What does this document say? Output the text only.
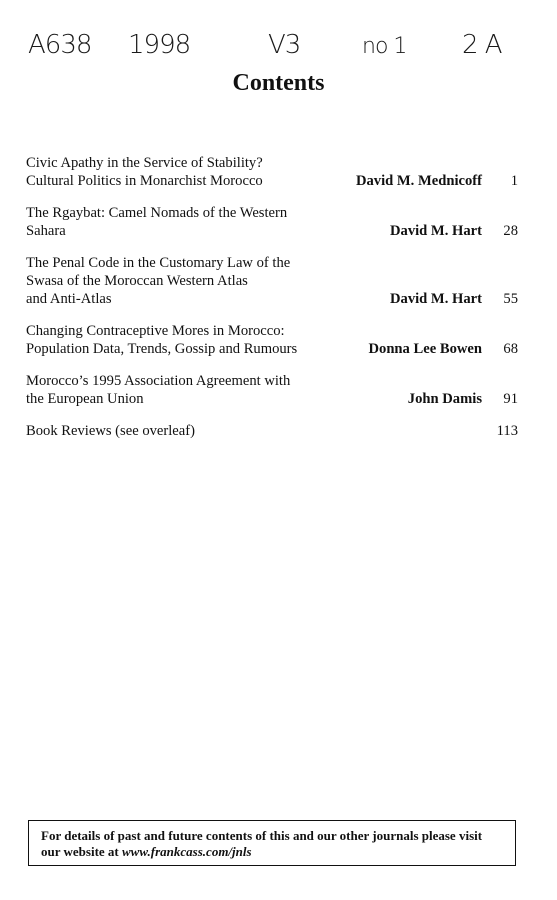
A638 1998	V3	no 1 2 A
Contents
Civic Apathy in the Service of Stability?
Cultural Politics in Monarchist Morocco	David M. Mednicoff 1
The Rgaybat: Camel Nomads of the Western
Sahara	David M. Hart 28
The Penal Code in the Customary Law of the
Swasa of the Moroccan Western Atlas
and Anti-Atlas	David M. Hart 55
Changing Contraceptive Mores in Morocco:
Population Data, Trends, Gossip and Rumours	Donna Lee Bowen 68
Morocco’s 1995 Association Agreement with
the European Union	John Damis 91
Book Reviews (see overleaf)	113
For details of past and future contents of this and our other journals please visit our website at www.frankcass.com/jnls
